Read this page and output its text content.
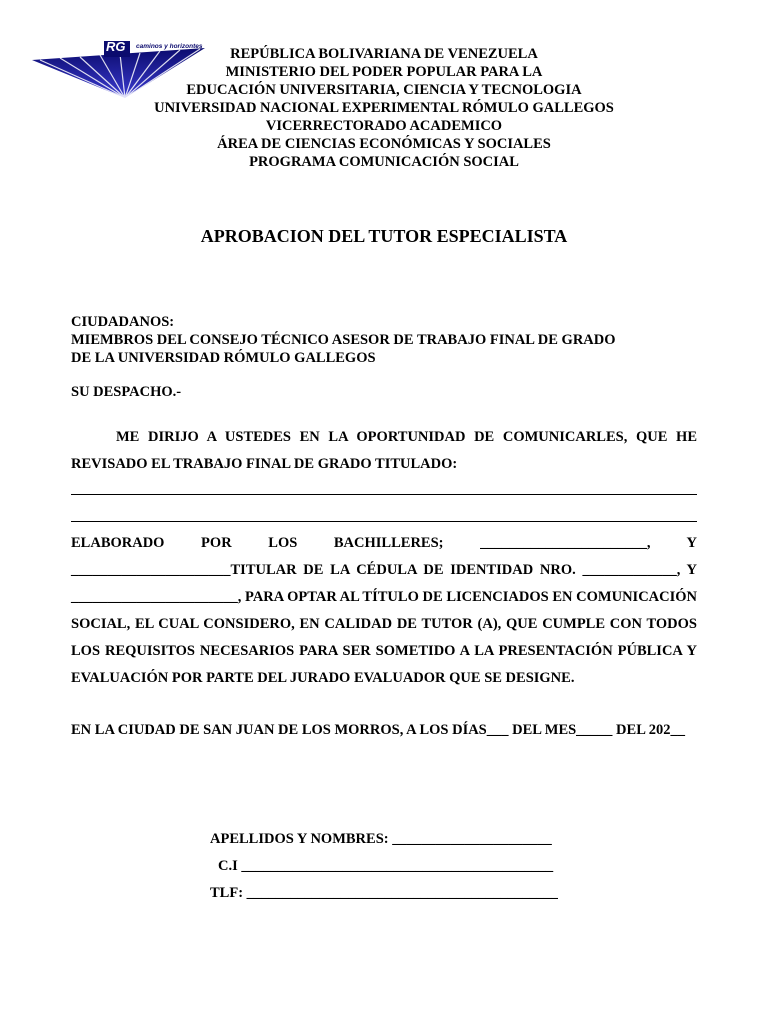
RG caminos y horizontes	REPÚBLICA BOLIVARIANA DE VENEZUELA
MINISTERIO DEL PODER POPULAR PARA LA
EDUCACIÓN UNIVERSITARIA, CIENCIA Y TECNOLOGIA
UNIVERSIDAD NACIONAL EXPERIMENTAL RÓMULO GALLEGOS
VICERRECTORADO ACADEMICO
ÁREA DE CIENCIAS ECONÓMICAS Y SOCIALES
PROGRAMA COMUNICACIÓN SOCIAL
APROBACION DEL TUTOR ESPECIALISTA
CIUDADANOS:
MIEMBROS DEL CONSEJO TÉCNICO ASESOR DE TRABAJO FINAL DE GRADO
DE LA UNIVERSIDAD RÓMULO GALLEGOS
SU DESPACHO.-

ME DIRIJO A USTEDES EN LA OPORTUNIDAD DE COMUNICARLES, QUE HE REVISADO EL TRABAJO FINAL DE GRADO TITULADO:

ELABORADO POR LOS BACHILLERES; _______________________, Y ______________________TITULAR DE LA CÉDULA DE IDENTIDAD NRO. _____________, Y _______________________, PARA OPTAR AL TÍTULO DE LICENCIADOS EN COMUNICACIÓN SOCIAL, EL CUAL CONSIDERO, EN CALIDAD DE TUTOR (A), QUE CUMPLE CON TODOS LOS REQUISITOS NECESARIOS PARA SER SOMETIDO A LA PRESENTACIÓN PÚBLICA Y EVALUACIÓN POR PARTE DEL JURADO EVALUADOR QUE SE DESIGNE.

EN LA CIUDAD DE SAN JUAN DE LOS MORROS, A LOS DÍAS___ DEL MES_____ DEL 202__

APELLIDOS Y NOMBRES: ______________________
C.I ___________________________________________
TLF: ___________________________________________
